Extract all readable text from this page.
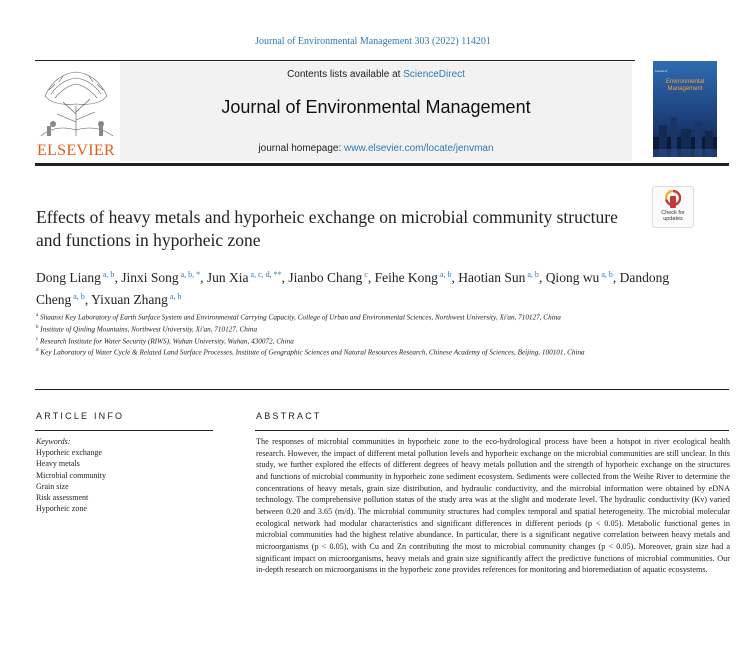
Journal of Environmental Management 303 (2022) 114201
ELSEVIER
Contents lists available at ScienceDirect
Journal of Environmental Management
journal homepage: www.elsevier.com/locate/jenvman
Journal of
Environmental Management
Check for
updates
Effects of heavy metals and hyporheic exchange on microbial community structure and functions in hyporheic zone
Dong Liang $^{a, b}$, Jinxi Song $^{a, b, *}$, Jun Xia $^{a, c, d, **}$, Jianbo Chang $^c$, Feihe Kong $^{a, b}$, Haotian Sun $^{a, b}$, Qiong wu $^{a, b}$, Dandong Cheng $^{a, b}$, Yixuan Zhang $^{a, b}$
$^a$ Shaanxi Key Laboratory of Earth Surface System and Environmental Carrying Capacity, College of Urban and Environmental Sciences, Northwest University, Xi'an, 710127, China
$^b$ Institute of Qinling Mountains, Northwest University, Xi'an, 710127, China
$^c$ Research Institute for Water Security (RIWS), Wuhan University, Wuhan, 430072, China
$^d$ Key Laboratory of Water Cycle & Related Land Surface Processes, Institute of Geographic Sciences and Natural Resources Research, Chinese Academy of Sciences, Beijing, 100101, China
ARTICLE INFO
Keywords:
Hyporheic exchange
Heavy metals
Microbial community
Grain size
Risk assessment
Hyporheic zone
ABSTRACT
The responses of microbial communities in hyporheic zone to the eco-hydrological process have been a hotspot in river ecological health research. However, the impact of different metal pollution levels and hyporheic exchange on the microbial communities are still unclear. In this study, we further explored the effects of different degrees of heavy metals pollution and the strength of hyporheic exchange on the structures and functions of microbial community in hyporheic zone sediment ecosystem. Sediments were collected from the Weihe River to determine the concentrations of heavy metals, grain size distribution, and hydraulic conductivity, and the microbial information were obtained by eDNA technology. The comprehensive pollution status of the study area was at the slight and moderate level. The hydraulic conductivity (Kv) varied between 0.20 and 3.65 (m/d). The microbial community structures had complex temporal and spatial heterogeneity. The microbial molecular ecological network had modular characteristics and significant differences in different periods (p < 0.05). Metabolic functional genes in microbial communities had the highest relative abundance. In particular, there is a significant negative correlation between heavy metals and microorganisms (p < 0.05), with Cu and Zn contributing the most to microbial community changes (p < 0.05). Moreover, grain size had a significant impact on microorganisms, heavy metals and grain size significantly affect the predictive functions of microbial communities. Our in-depth research on microorganisms in the hyporheic zone provides references for monitoring and bioremediation of aquatic ecosystems.
